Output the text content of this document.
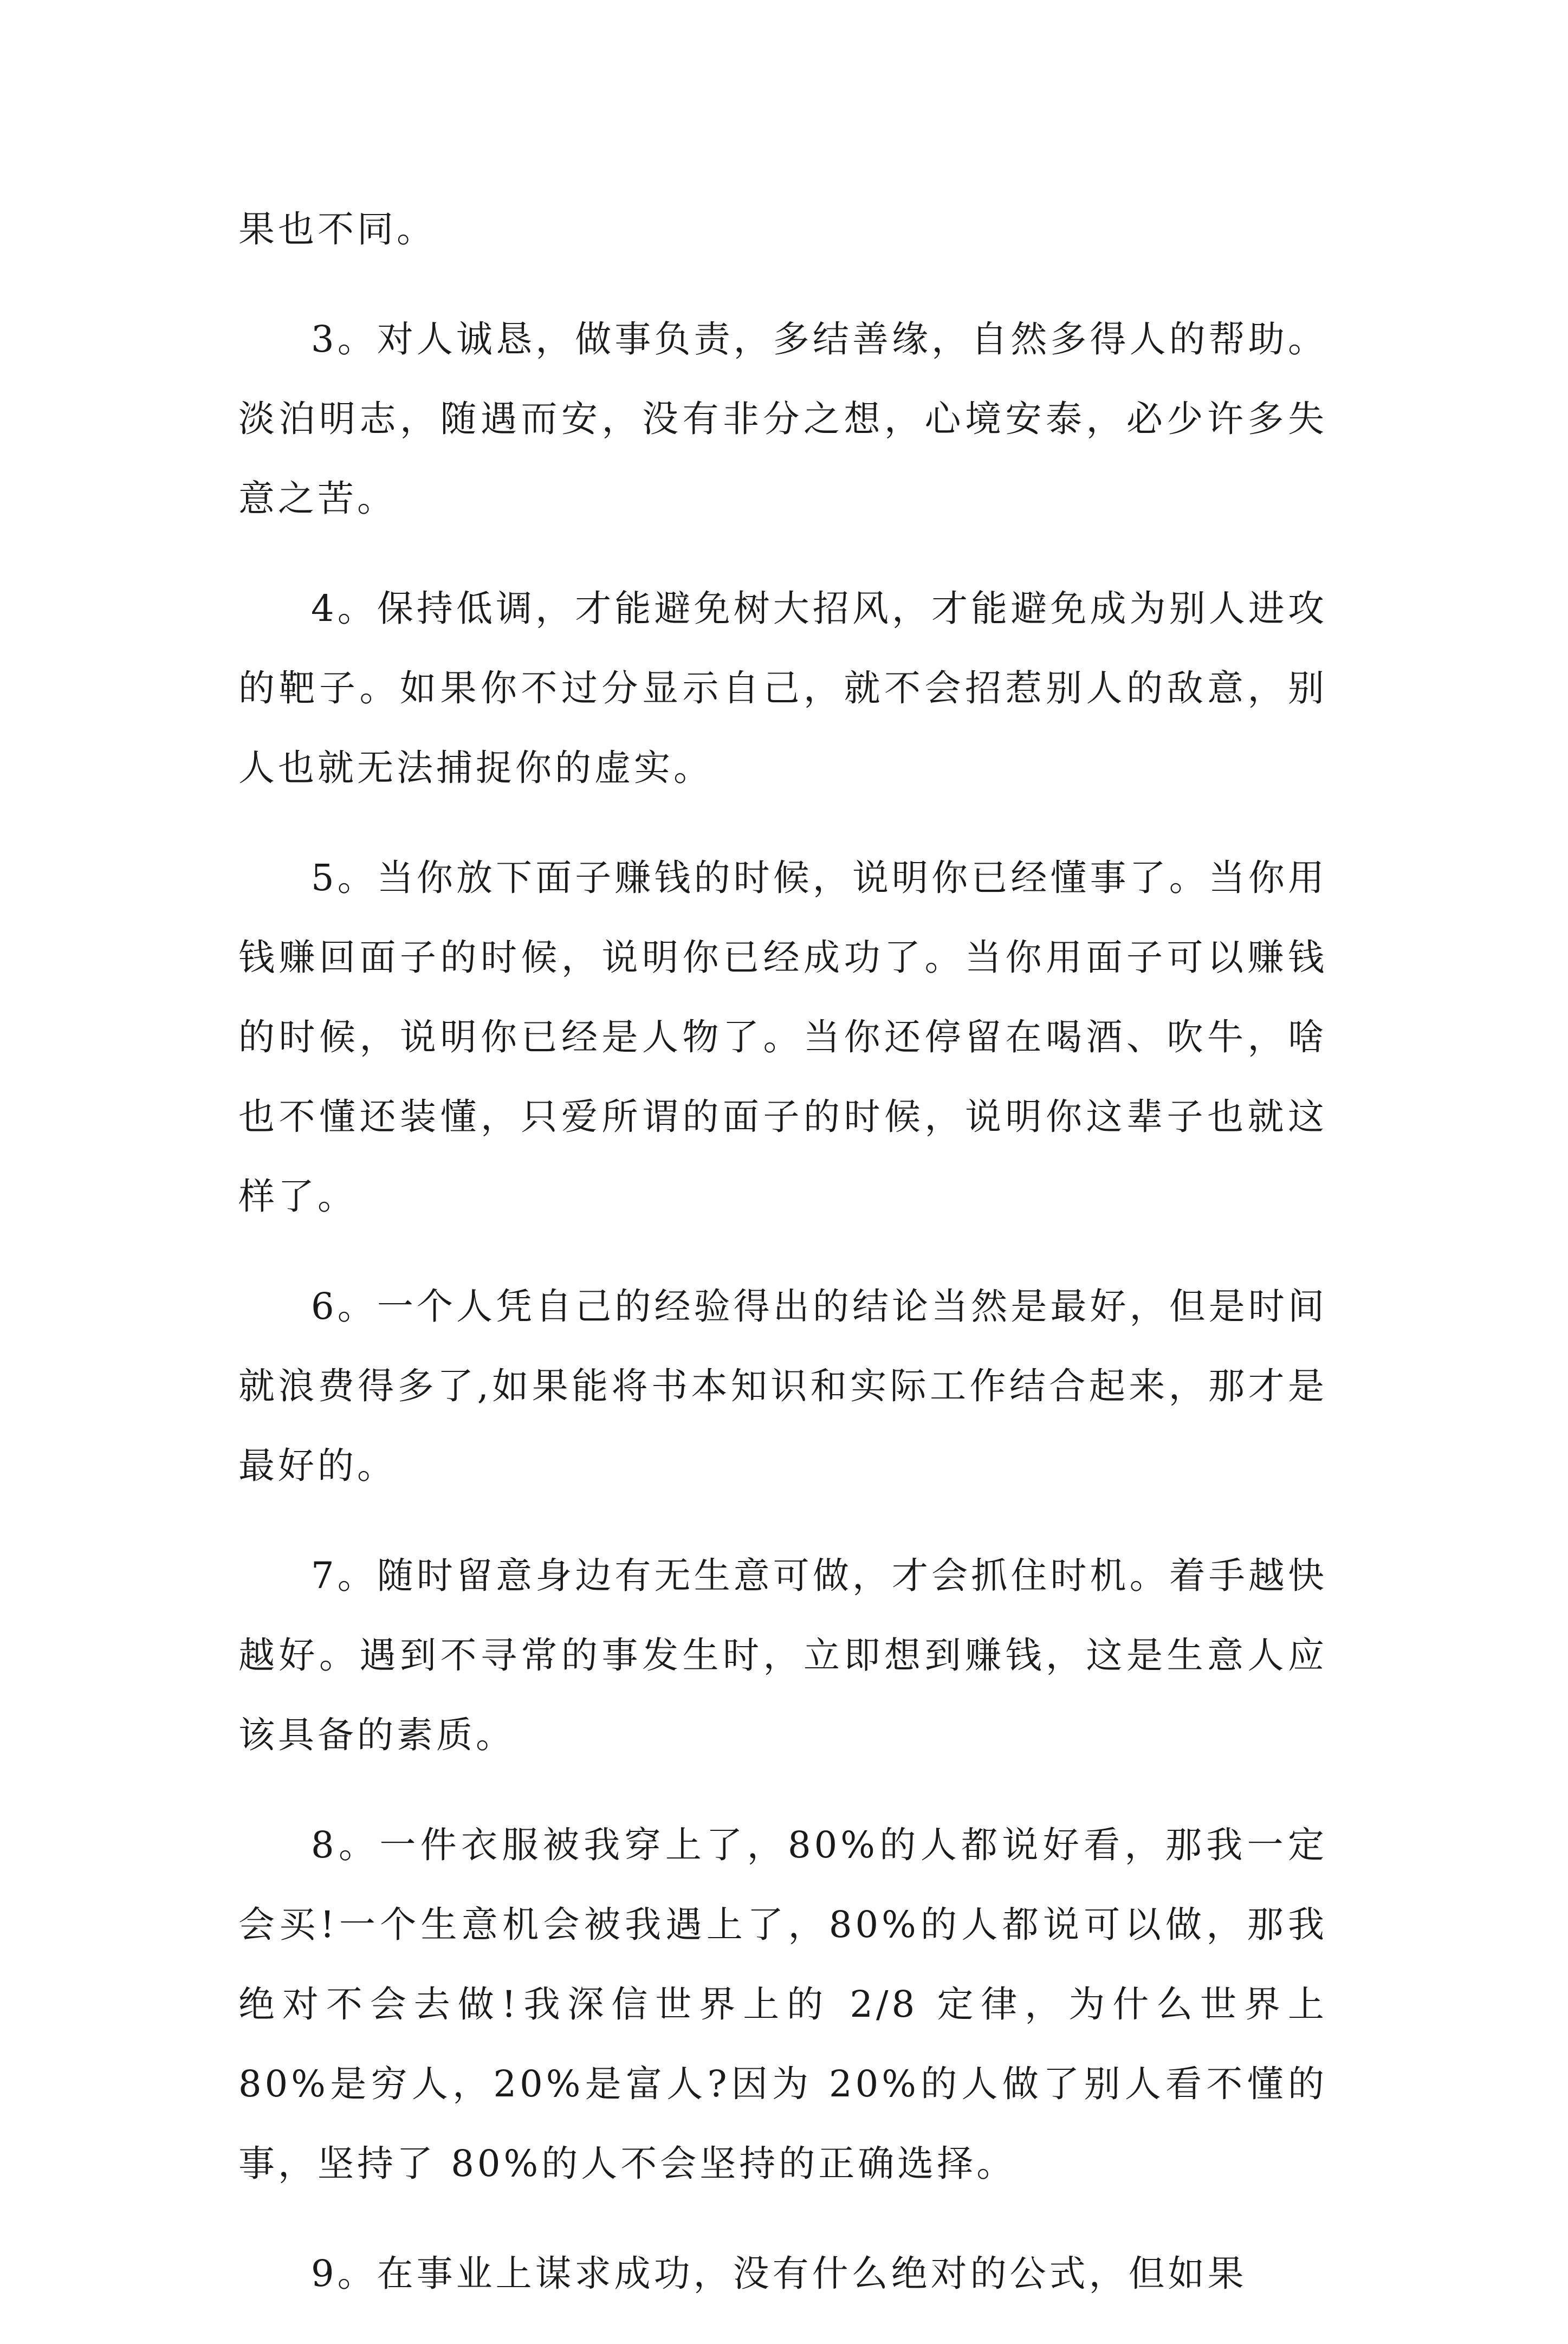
果也不同。

3。对人诚恳，做事负责，多结善缘，自然多得人的帮助。淡泊明志，随遇而安，没有非分之想，心境安泰，必少许多失意之苦。

4。保持低调，才能避免树大招风，才能避免成为别人进攻的靶子。如果你不过分显示自己，就不会招惹别人的敌意，别人也就无法捕捉你的虚实。

5。当你放下面子赚钱的时候，说明你已经懂事了。当你用钱赚回面子的时候，说明你已经成功了。当你用面子可以赚钱的时候，说明你已经是人物了。当你还停留在喝酒、吹牛，啥也不懂还装懂，只爱所谓的面子的时候，说明你这辈子也就这样了。

6。一个人凭自己的经验得出的结论当然是最好，但是时间就浪费得多了,如果能将书本知识和实际工作结合起来，那才是最好的。

7。随时留意身边有无生意可做，才会抓住时机。着手越快越好。遇到不寻常的事发生时，立即想到赚钱，这是生意人应该具备的素质。

8。一件衣服被我穿上了，80%的人都说好看，那我一定会买!一个生意机会被我遇上了，80%的人都说可以做，那我绝对不会去做!我深信世界上的 2/8 定律，为什么世界上 80%是穷人，20%是富人?因为 20%的人做了别人看不懂的事，坚持了 80%的人不会坚持的正确选择。

9。在事业上谋求成功，没有什么绝对的公式，但如果
